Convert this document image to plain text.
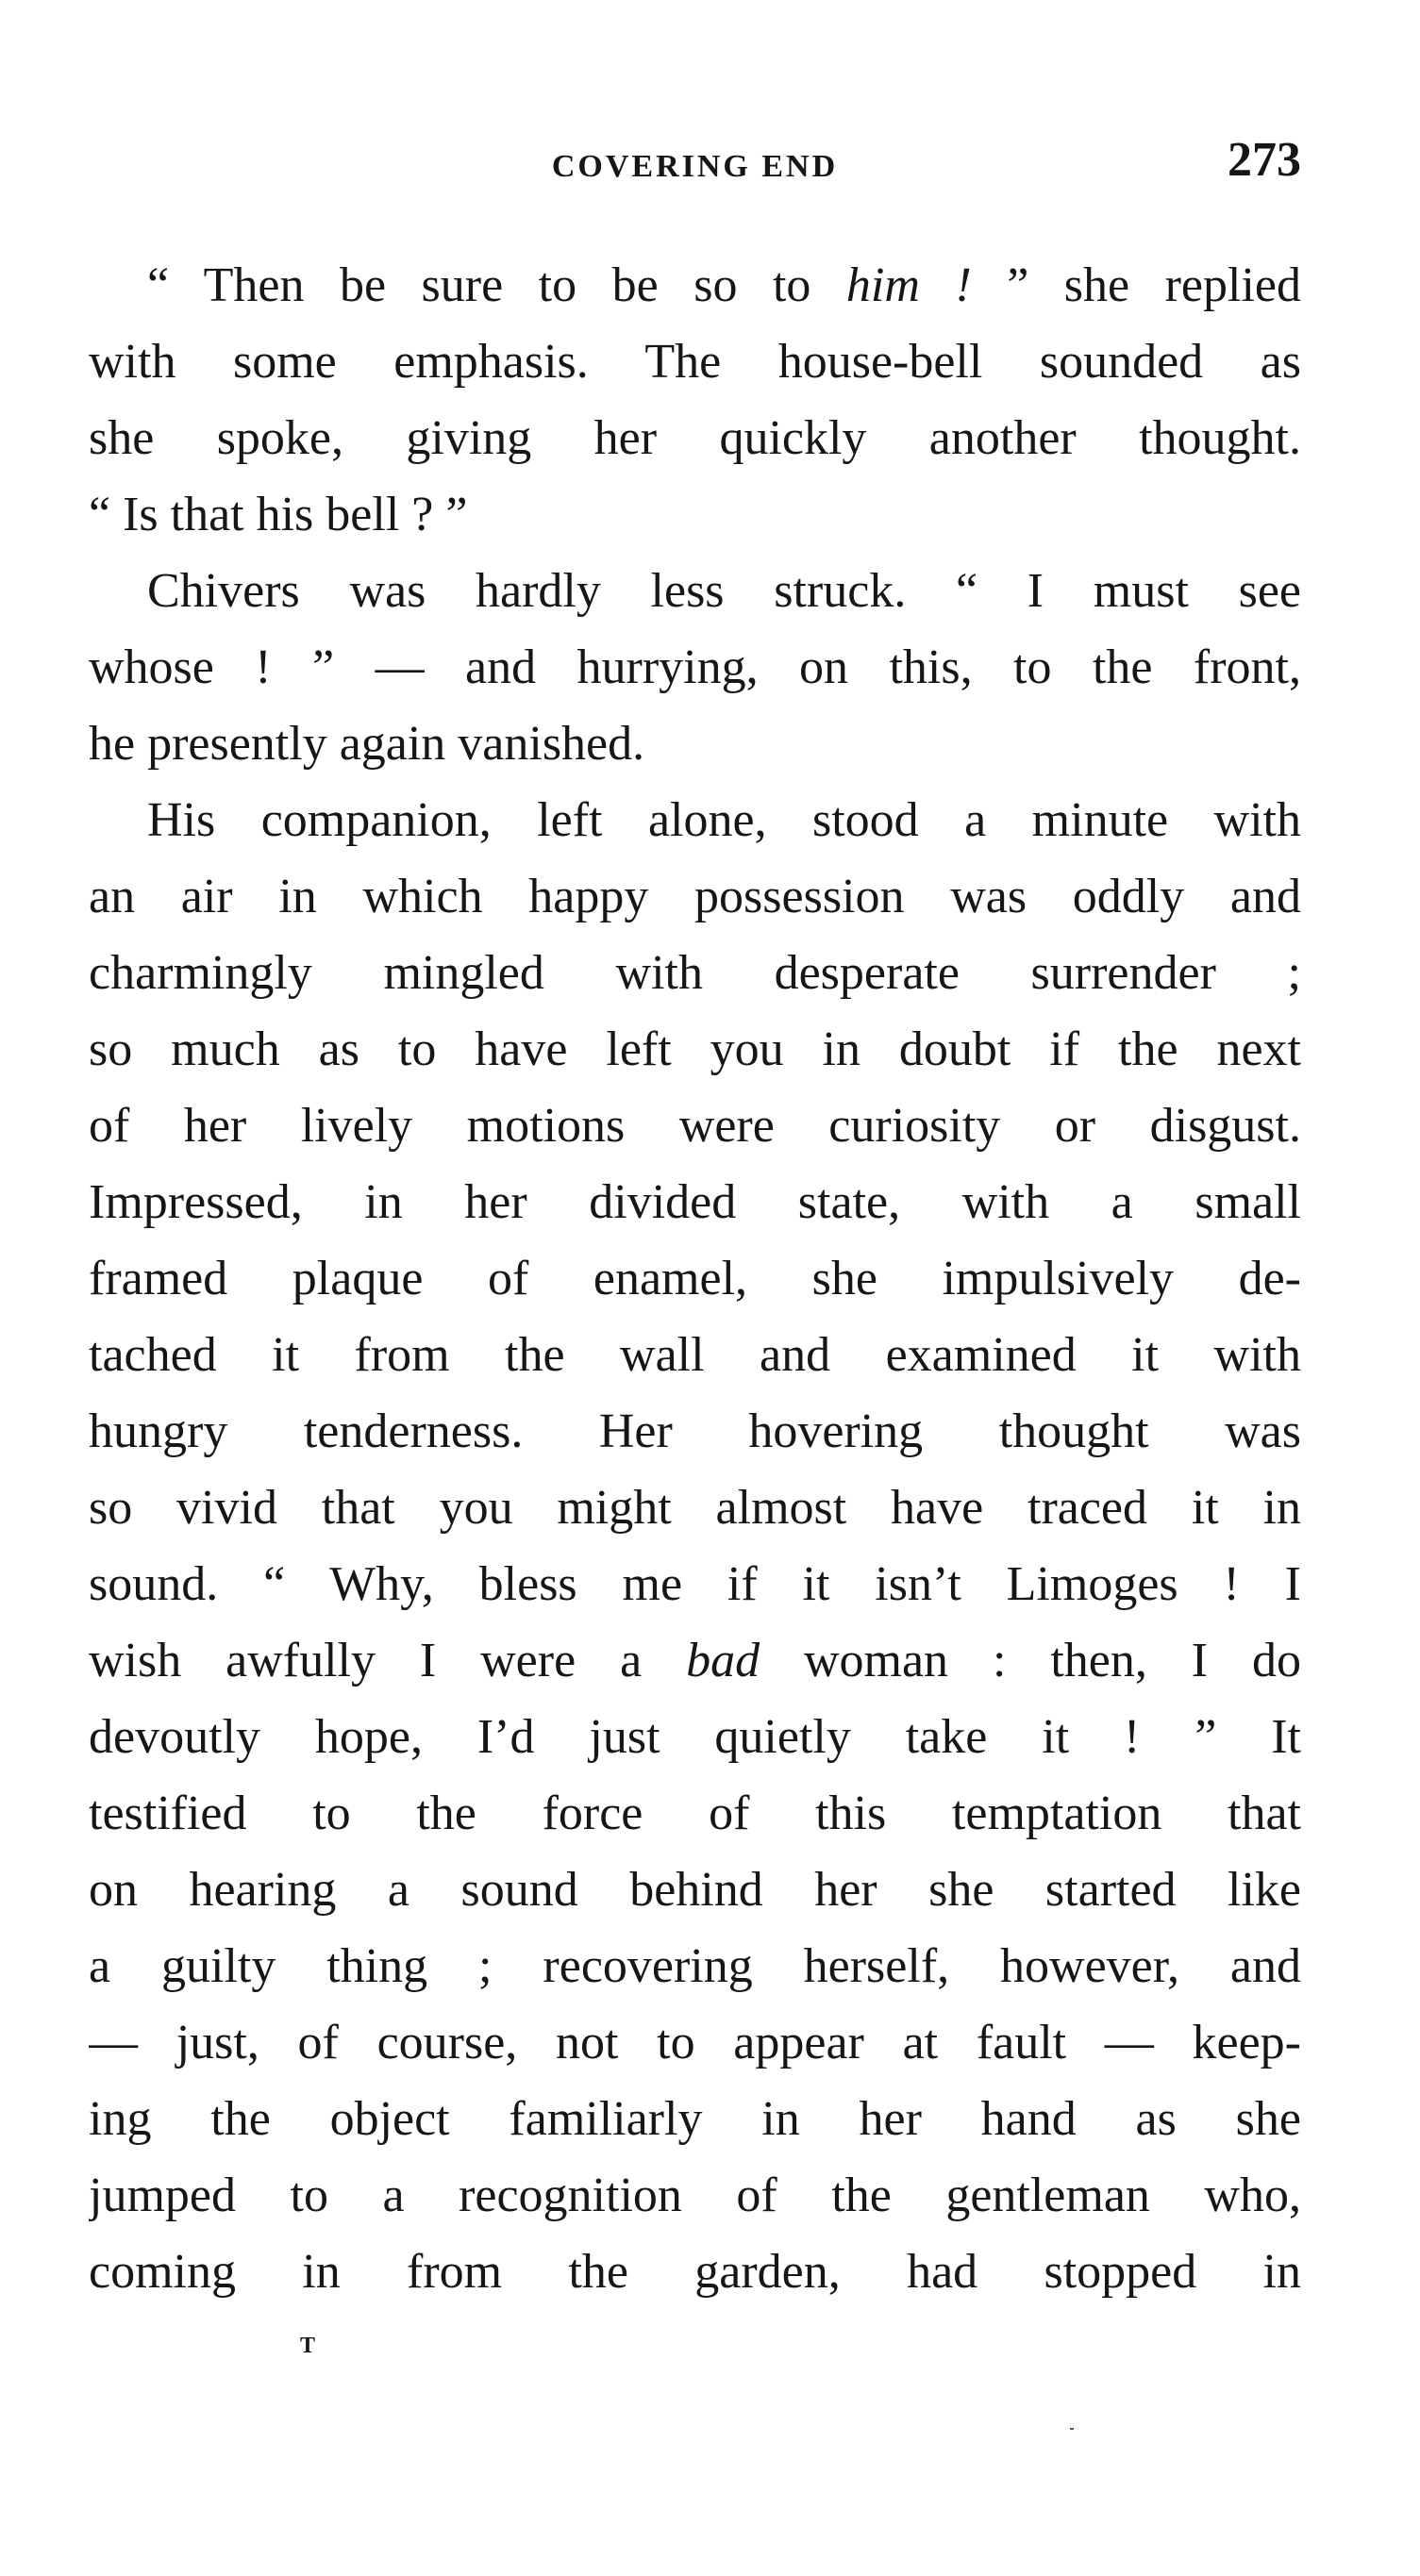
COVERING END	273
“ Then be sure to be so to him ! ” she replied
with some emphasis. The house-bell sounded as
she spoke, giving her quickly another thought.
“ Is that his bell ? ”
Chivers was hardly less struck. “ I must see
whose ! ” — and hurrying, on this, to the front,
he presently again vanished.
His companion, left alone, stood a minute with
an air in which happy possession was oddly and
charmingly mingled with desperate surrender ;
so much as to have left you in doubt if the next
of her lively motions were curiosity or disgust.
Impressed, in her divided state, with a small
framed plaque of enamel, she impulsively de-
tached it from the wall and examined it with
hungry tenderness. Her hovering thought was
so vivid that you might almost have traced it in
sound. “ Why, bless me if it isn’t Limoges ! I
wish awfully I were a bad woman : then, I do
devoutly hope, I’d just quietly take it ! ” It
testified to the force of this temptation that
on hearing a sound behind her she started like
a guilty thing ; recovering herself, however, and
— just, of course, not to appear at fault — keep-
ing the object familiarly in her hand as she
jumped to a recognition of the gentleman who,
coming in from the garden, had stopped in
T
